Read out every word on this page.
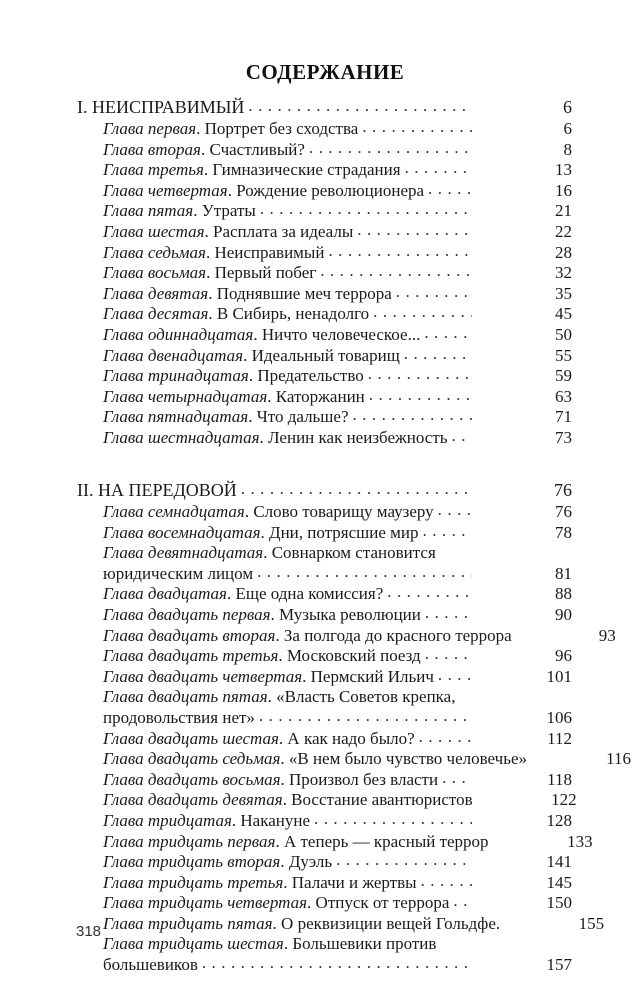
СОДЕРЖАНИЕ
I. НЕИСПРАВИМЫЙ . . .	6
Глава первая. Портрет без сходства . . .	6
Глава вторая. Счастливый? . . .	8
Глава третья. Гимназические страдания . . .	13
Глава четвертая. Рождение революционера . . .	16
Глава пятая. Утраты . . .	21
Глава шестая. Расплата за идеалы . . .	22
Глава седьмая. Неисправимый . . .	28
Глава восьмая. Первый побег . . .	32
Глава девятая. Поднявшие меч террора . . .	35
Глава десятая. В Сибирь, ненадолго . . .	45
Глава одиннадцатая. Ничто человеческое... . . .	50
Глава двенадцатая. Идеальный товарищ . . .	55
Глава тринадцатая. Предательство . . .	59
Глава четырнадцатая. Каторжанин . . .	63
Глава пятнадцатая. Что дальше? . . .	71
Глава шестнадцатая. Ленин как неизбежность . . .	73
II. НА ПЕРЕДОВОЙ . . .	76
Глава семнадцатая. Слово товарищу маузеру . . .	76
Глава восемнадцатая. Дни, потрясшие мир . . .	78
Глава девятнадцатая. Совнарком становится
юридическим лицом . . .	81
Глава двадцатая. Еще одна комиссия? . . .	88
Глава двадцать первая. Музыка революции . . .	90
Глава двадцать вторая. За полгода до красного террора	93
Глава двадцать третья. Московский поезд . . .	96
Глава двадцать четвертая. Пермский Ильич . . .	101
Глава двадцать пятая. «Власть Советов крепка,
продовольствия нет» . . .	106
Глава двадцать шестая. А как надо было? . . .	112
Глава двадцать седьмая. «В нем было чувство человечье»	116
Глава двадцать восьмая. Произвол без власти . . .	118
Глава двадцать девятая. Восстание авантюристов	122
Глава тридцатая. Накануне . . .	128
Глава тридцать первая. А теперь — красный террор	133
Глава тридцать вторая. Дуэль . . .	141
Глава тридцать третья. Палачи и жертвы . . .	145
Глава тридцать четвертая. Отпуск от террора . . .	150
Глава тридцать пятая. О реквизиции вещей Гольдфе.	155
Глава тридцать шестая. Большевики против
большевиков . . .	157
318
